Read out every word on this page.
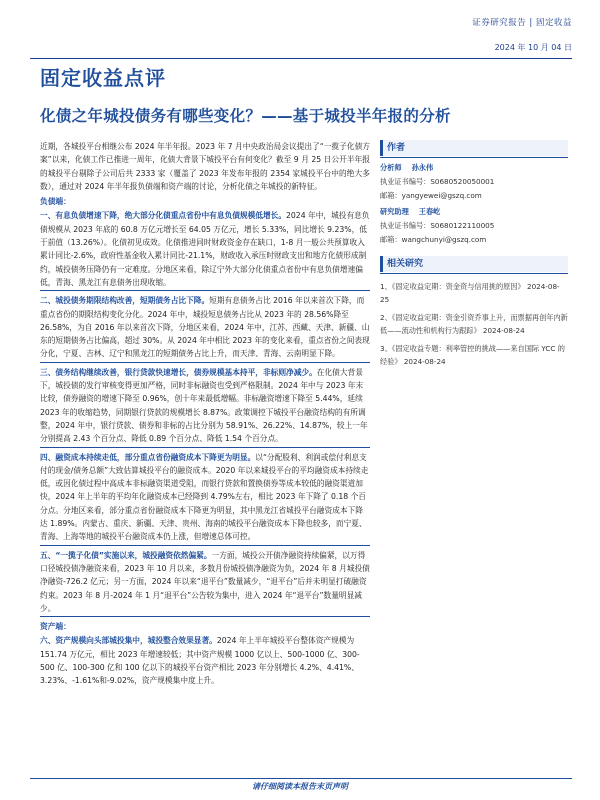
证券研究报告 | 固定收益
2024 年 10 月 04 日
固定收益点评
化债之年城投债务有哪些变化？——基于城投半年报的分析

近期，各城投平台相继公布 2024 年半年报。2023 年 7 月中央政治局会议提出了“一揽子化债方案”以来，化债工作已推进一周年，化债大背景下城投平台有何变化？截至 9 月 25 日公开半年报的城投平台剔除子公司后共 2333 家（覆盖了 2023 年发布年报的 2354 家城投平台中的绝大多数），通过对 2024 年半年报负债端和资产端的讨论，分析化债之年城投的新特征。

负债端：
一、有息负债增速下降，绝大部分化债重点省份中有息负债规模低增长。2024 年中，城投有息负债规模从 2023 年底的 60.8 万亿元增长至 64.05 万亿元，增长 5.33%，同比增长 9.23%，低于前值（13.26%）。化债初见成效。化债推进同时财政资金存在缺口，1-8 月一般公共预算收入累计同比-2.6%，政府性基金收入累计同比-21.1%，财政收入承压时财政支出和地方化债形成制约，城投债务压降仍有一定难度。分地区来看，除辽宁外大部分化债重点省份中有息负债增速偏低，青海、黑龙江有息债务出现收缩。
二、城投债务期限结构改善，短期债务占比下降。短期有息债务占比 2016 年以来首次下降，而重点省份的期限结构变化分化。2024 年中，城投短息债务占比从 2023 年的 28.56%降至 26.58%，为自 2016 年以来首次下降，分地区来看，2024 年中，江苏、西藏、天津、新疆、山东的短期债务占比偏高，超过 30%。从 2024 年中相比 2023 年的变化来看，重点省份之间表现分化，宁夏、吉林、辽宁和黑龙江的短期债务占比上升，而天津、青海、云南明显下降。
三、债务结构继续改善，银行贷款快速增长，债券规模基本持平，非标则净减少。在化债大背景下，城投债的发行审核变得更加严格，同时非标融资也受到严格限制。2024 年中与 2023 年末比较，债券融资的增速下降至 0.96%，创十年来最低增幅。非标融资增速下降至 5.44%，延续 2023 年的收缩趋势，同期银行贷款的规模增长 8.87%。政策调控下城投平台融资结构的有所调整，2024 年中，银行贷款、债券和非标的占比分别为 58.91%、26.22%、14.87%，较上一年分别提高 2.43 个百分点、降低 0.89 个百分点、降低 1.54 个百分点。
四、融资成本持续走低，部分重点省份融资成本下降更为明显。以“分配股利、利润或偿付利息支付的现金/债务总额”大致估算城投平台的融资成本。2020 年以来城投平台的平均融资成本持续走低，或因化债过程中高成本非标融资渠道受阻，而银行贷款和置换债券等成本较低的融资渠道加快，2024 年上半年的平均年化融资成本已经降到 4.79%左右，相比 2023 年下降了 0.18 个百分点。分地区来看，部分重点省份融资成本下降更为明显，其中黑龙江省城投平台融资成本下降达 1.89%。内蒙古、重庆、新疆、天津、贵州、海南的城投平台融资成本下降也较多，而宁夏、青海、上海等地的城投平台融资成本仍上涨，但增速总体可控。
五、“一揽子化债”实施以来，城投融资依然偏紧。一方面，城投公开债净融资持续偏紧，以万得口径城投债净融资来看，2023 年 10 月以来，多数月份城投债净融资为负，2024 年 8 月城投债净融资-726.2 亿元；另一方面，2024 年以来“退平台”数量减少，“退平台”后并未明显打破融资约束。2023 年 8 月-2024 年 1 月“退平台”公告较为集中，进入 2024 年“退平台”数量明显减少。
资产端：
六、资产规模向头部城投集中，城投整合效果显著。2024 年上半年城投平台整体资产规模为 151.74 万亿元，相比 2023 年增速较低；其中资产规模 1000 亿以上、500-1000 亿、300-500 亿、100-300 亿和 100 亿以下的城投平台资产相比 2023 年分别增长 4.2%、4.41%、3.23%、-1.61%和-9.02%，资产规模集中度上升。
作者
分析师 孙永伟
执业证书编号：S0680520050001
邮箱：yangyewei@gszq.com
研究助理 王春屹
执业证书编号：S0680122110005
邮箱：wangchunyi@gszq.com
相关研究
1、《固定收益定期：资金资与信用挑的原因》 2024-08-25
2、《固定收益定期：资金引资乔事上升，而票据再创年内新低——流动性和机构行为跟踪》 2024-08-24
3、《固定收益专题：利率管控的挑战——来自国际 YCC 的经验》 2024-08-24
请仔细阅读本报告末页声明
